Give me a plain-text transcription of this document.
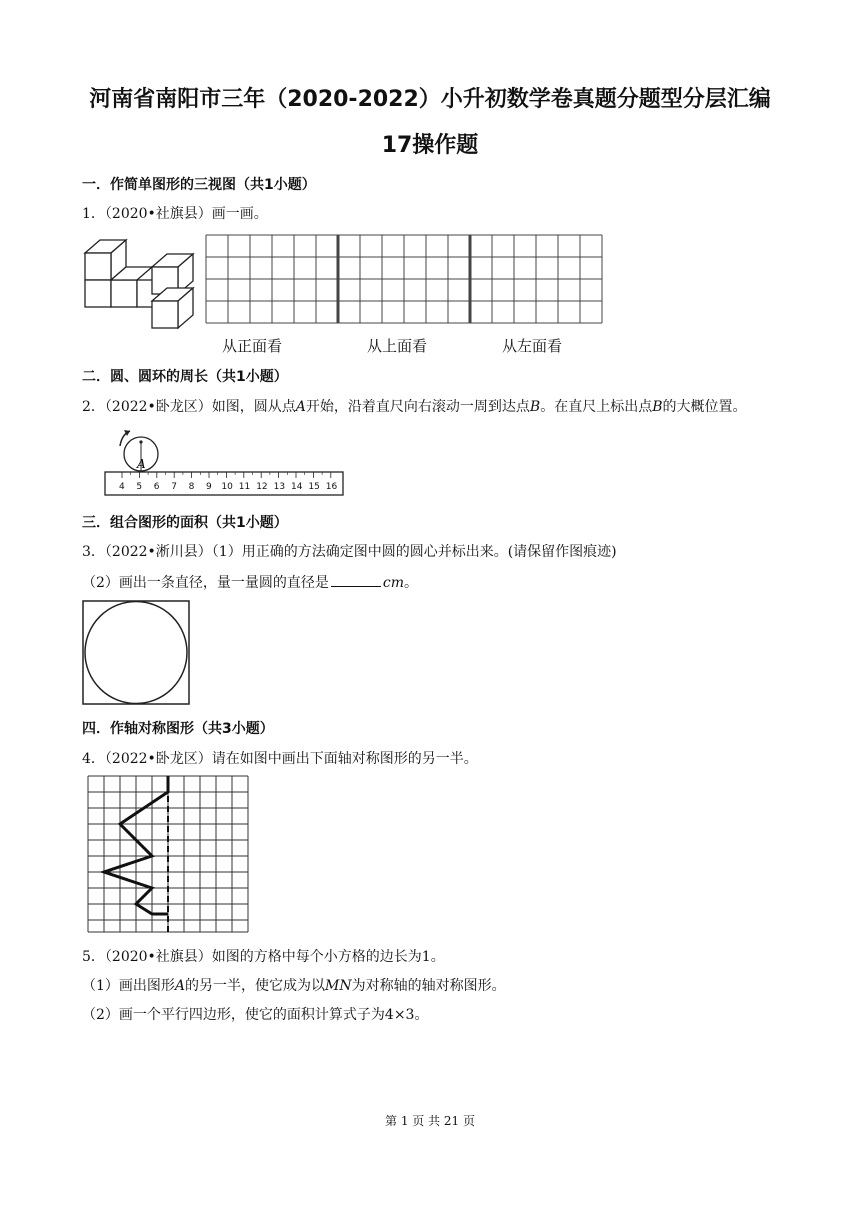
河南省南阳市三年（2020-2022）小升初数学卷真题分题型分层汇编
17操作题
一．作简单图形的三视图（共1小题）
1．（2020•社旗县）画一画。
从正面看	从上面看	从左面看
二．圆、圆环的周长（共1小题）
2．（2022•卧龙区）如图，圆从点A开始，沿着直尺向右滚动一周到达点B。在直尺上标出点B的大概位置。
A
4 5 6 7 8 9 10 11 12 13 14 15 16
三．组合图形的面积（共1小题）
3．（2022•淅川县）（1）用正确的方法确定图中圆的圆心并标出来。(请保留作图痕迹)
（2）画出一条直径，量一量圆的直径是	cm。
四．作轴对称图形（共3小题）
4．（2022•卧龙区）请在如图中画出下面轴对称图形的另一半。
5．（2020•社旗县）如图的方格中每个小方格的边长为1。
（1）画出图形A的另一半，使它成为以MN为对称轴的轴对称图形。
（2）画一个平行四边形，使它的面积计算式子为4×3。
第 1 页 共 21 页
